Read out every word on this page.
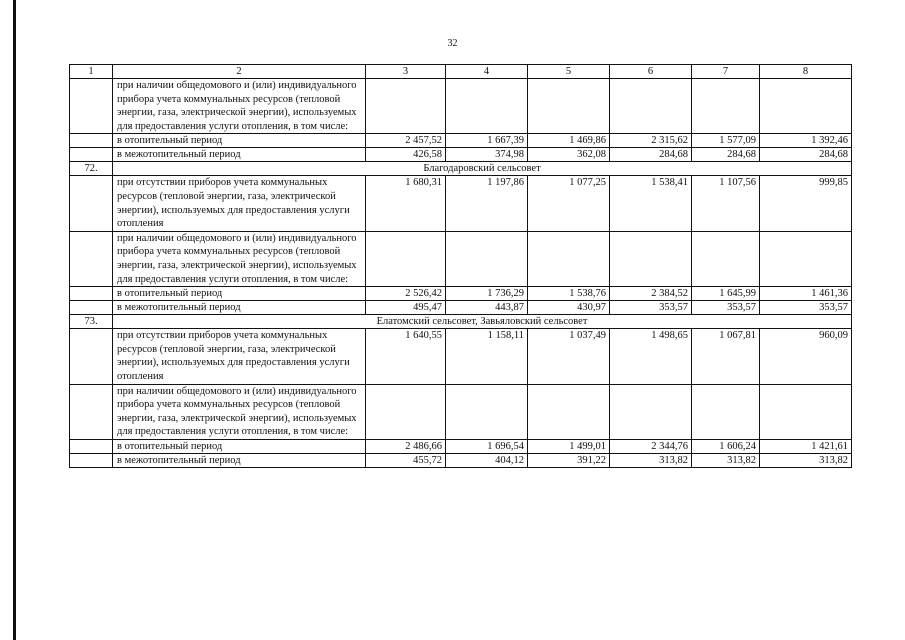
32
1	2	3	4	5	6	7	8
	при наличии общедомового и (или) индивидуального прибора учета коммунальных ресурсов (тепловой энергии, газа, электрической энергии), используемых для предоставления услуги отопления, в том числе:						
	в отопительный период	2 457,52	1 667,39	1 469,86	2 315,62	1 577,09	1 392,46
	в межотопительный период	426,58	374,98	362,08	284,68	284,68	284,68
72.	Благодаровский сельсовет						
	при отсутствии приборов учета коммунальных ресурсов (тепловой энергии, газа, электрической энергии), используемых для предоставления услуги отопления	1 680,31	1 197,86	1 077,25	1 538,41	1 107,56	999,85
	при наличии общедомового и (или) индивидуального прибора учета коммунальных ресурсов (тепловой энергии, газа, электрической энергии), используемых для предоставления услуги отопления, в том числе:						
	в отопительный период	2 526,42	1 736,29	1 538,76	2 384,52	1 645,99	1 461,36
	в межотопительный период	495,47	443,87	430,97	353,57	353,57	353,57
73.	Елатомский сельсовет, Завьяловский сельсовет						
	при отсутствии приборов учета коммунальных ресурсов (тепловой энергии, газа, электрической энергии), используемых для предоставления услуги отопления	1 640,55	1 158,11	1 037,49	1 498,65	1 067,81	960,09
	при наличии общедомового и (или) индивидуального прибора учета коммунальных ресурсов (тепловой энергии, газа, электрической энергии), используемых для предоставления услуги отопления, в том числе:						
	в отопительный период	2 486,66	1 696,54	1 499,01	2 344,76	1 606,24	1 421,61
	в межотопительный период	455,72	404,12	391,22	313,82	313,82	313,82
